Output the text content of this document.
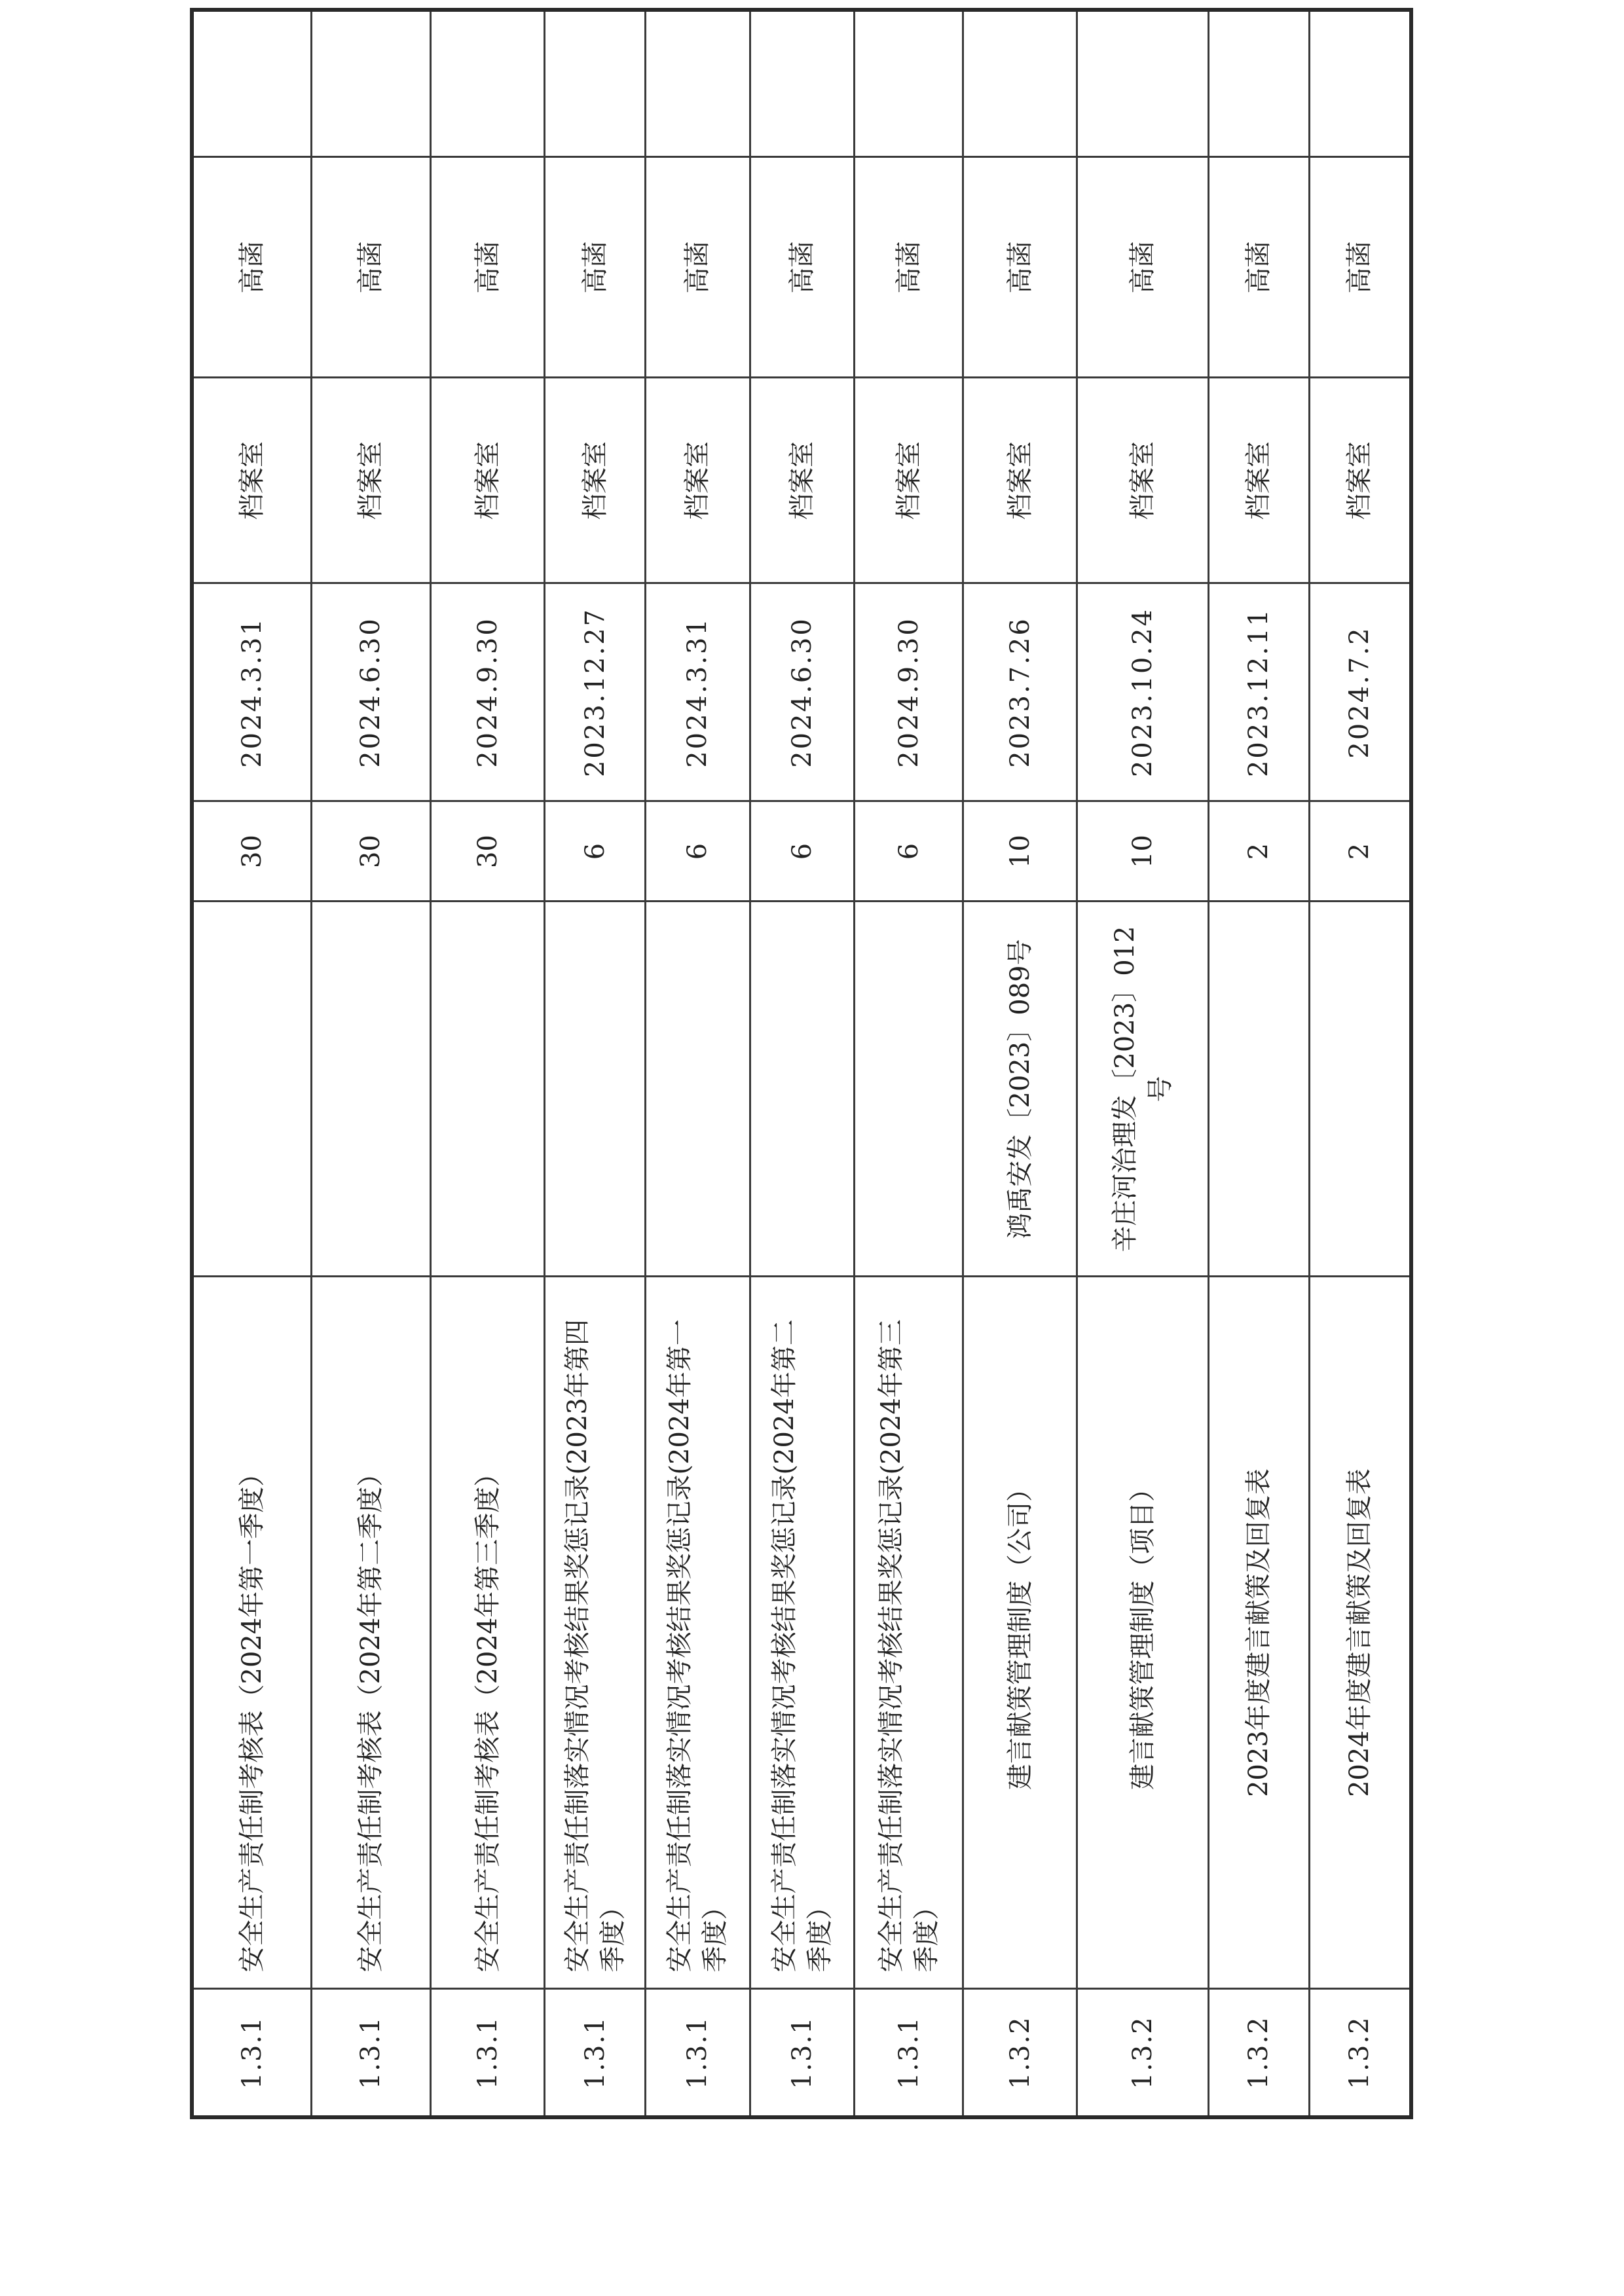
1.3.1	安全生产责任制考核表（2024年第一季度）		30	2024.3.31	档案室	高菡	
1.3.1	安全生产责任制考核表（2024年第二季度）		30	2024.6.30	档案室	高菡	
1.3.1	安全生产责任制考核表（2024年第三季度）		30	2024.9.30	档案室	高菡	
1.3.1	安全生产责任制落实情况考核结果奖惩记录(2023年第四季度）		6	2023.12.27	档案室	高菡	
1.3.1	安全生产责任制落实情况考核结果奖惩记录(2024年第一季度）		6	2024.3.31	档案室	高菡	
1.3.1	安全生产责任制落实情况考核结果奖惩记录(2024年第二季度）		6	2024.6.30	档案室	高菡	
1.3.1	安全生产责任制落实情况考核结果奖惩记录(2024年第三季度）		6	2024.9.30	档案室	高菡	
1.3.2	建言献策管理制度（公司）	鸿禹安发〔2023〕089号	10	2023.7.26	档案室	高菡	
1.3.2	建言献策管理制度（项目）	辛庄河治理发〔2023〕012号	10	2023.10.24	档案室	高菡	
1.3.2	2023年度建言献策及回复表		2	2023.12.11	档案室	高菡	
1.3.2	2024年度建言献策及回复表		2	2024.7.2	档案室	高菡	
